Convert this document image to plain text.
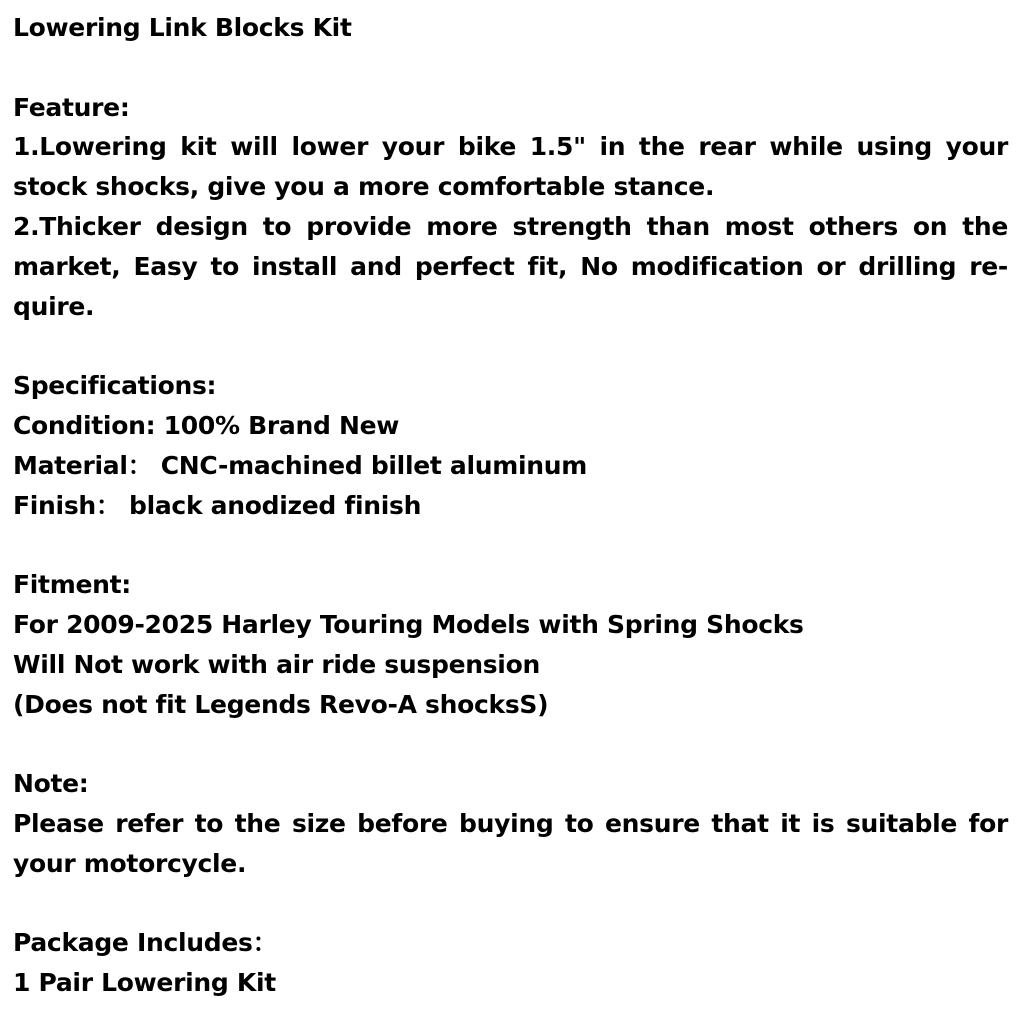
Lowering Link Blocks Kit
Feature:
1.Lowering kit will lower your bike 1.5" in the rear while using your
stock shocks, give you a more comfortable stance.
2.Thicker design to provide more strength than most others on the
market, Easy to install and perfect fit, No modification or drilling re-
quire.
Specifications:
Condition: 100% Brand New
Material： CNC-machined billet aluminum
Finish： black anodized finish
Fitment:
For 2009-2025 Harley Touring Models with Spring Shocks
Will Not work with air ride suspension
(Does not fit Legends Revo-A shocksS)
Note:
Please refer to the size before buying to ensure that it is suitable for
your motorcycle.
Package Includes：
1 Pair Lowering Kit
